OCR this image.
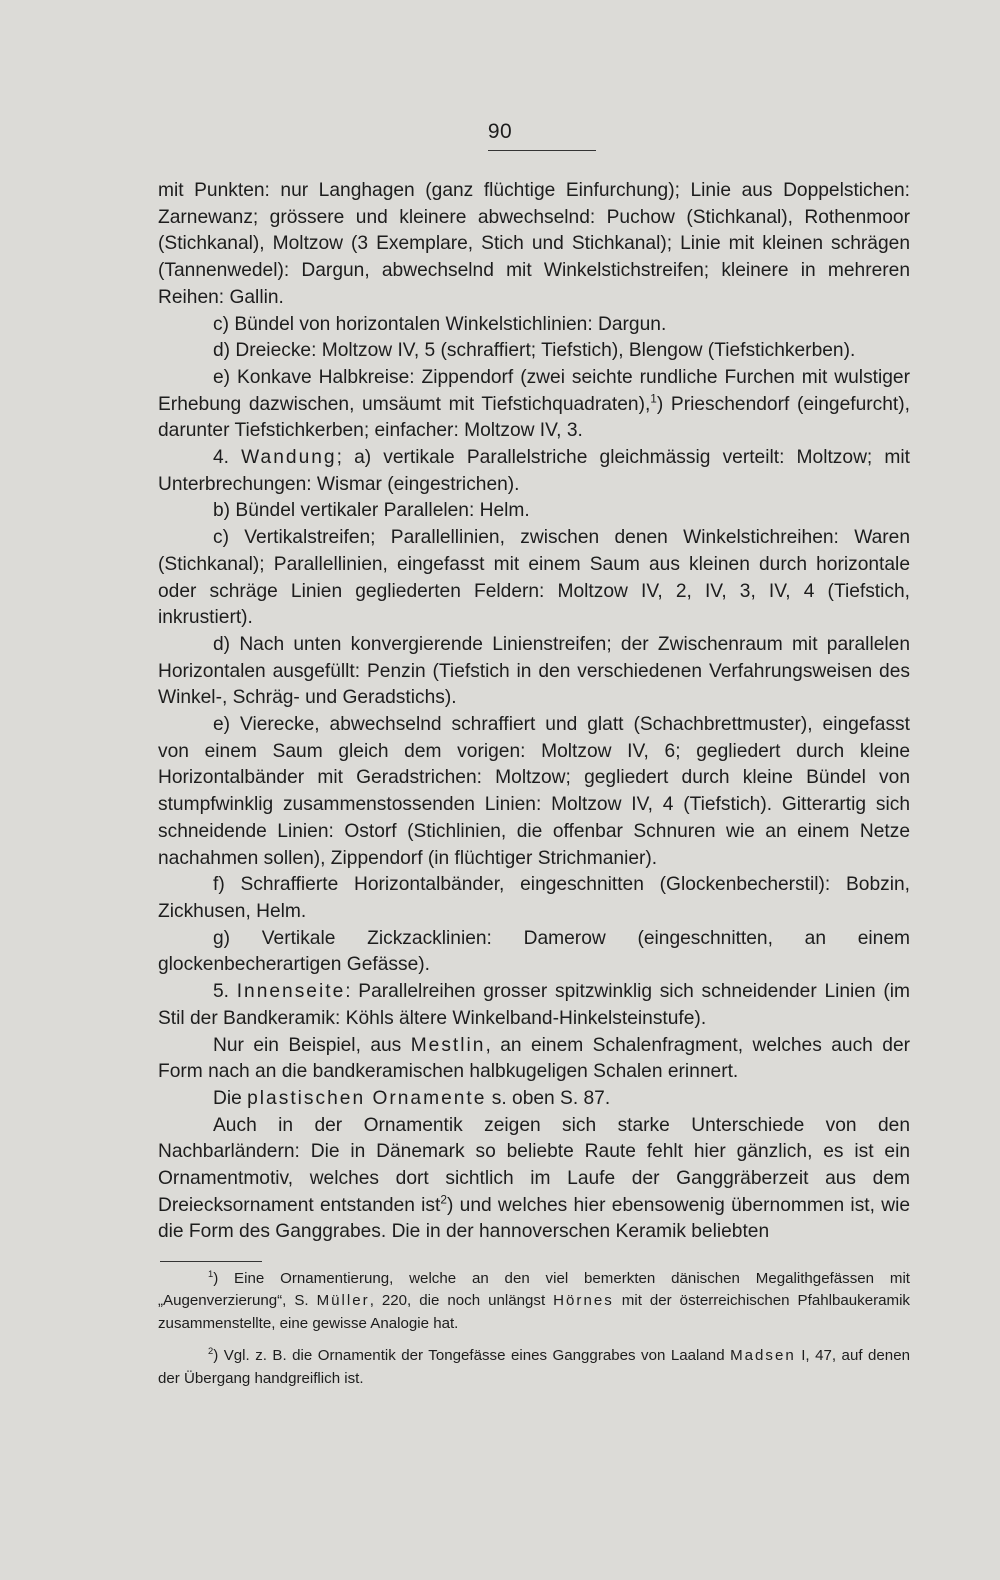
90

mit Punkten: nur Langhagen (ganz flüchtige Einfurchung); Linie aus Doppelstichen: Zarnewanz; grössere und kleinere abwechselnd: Puchow (Stichkanal), Rothenmoor (Stichkanal), Moltzow (3 Exemplare, Stich und Stichkanal); Linie mit kleinen schrägen (Tannenwedel): Dargun, abwechselnd mit Winkelstichstreifen; kleinere in mehreren Reihen: Gallin.

c) Bündel von horizontalen Winkelstichlinien: Dargun.

d) Dreiecke: Moltzow IV, 5 (schraffiert; Tiefstich), Blengow (Tiefstichkerben).

e) Konkave Halbkreise: Zippendorf (zwei seichte rundliche Furchen mit wulstiger Erhebung dazwischen, umsäumt mit Tiefstichquadraten),$^1$) Prieschendorf (eingefurcht), darunter Tiefstichkerben; einfacher: Moltzow IV, 3.

4. Wandung; a) vertikale Parallelstriche gleichmässig verteilt: Moltzow; mit Unterbrechungen: Wismar (eingestrichen).

b) Bündel vertikaler Parallelen: Helm.

c) Vertikalstreifen; Parallellinien, zwischen denen Winkelstichreihen: Waren (Stichkanal); Parallellinien, eingefasst mit einem Saum aus kleinen durch horizontale oder schräge Linien gegliederten Feldern: Moltzow IV, 2, IV, 3, IV, 4 (Tiefstich, inkrustiert).

d) Nach unten konvergierende Linienstreifen; der Zwischenraum mit parallelen Horizontalen ausgefüllt: Penzin (Tiefstich in den verschiedenen Verfahrungsweisen des Winkel-, Schräg- und Geradstichs).

e) Vierecke, abwechselnd schraffiert und glatt (Schachbrettmuster), eingefasst von einem Saum gleich dem vorigen: Moltzow IV, 6; gegliedert durch kleine Horizontalbänder mit Geradstrichen: Moltzow; gegliedert durch kleine Bündel von stumpfwinklig zusammenstossenden Linien: Moltzow IV, 4 (Tiefstich). Gitterartig sich schneidende Linien: Ostorf (Stichlinien, die offenbar Schnuren wie an einem Netze nachahmen sollen), Zippendorf (in flüchtiger Strichmanier).

f) Schraffierte Horizontalbänder, eingeschnitten (Glockenbecherstil): Bobzin, Zickhusen, Helm.

g) Vertikale Zickzacklinien: Damerow (eingeschnitten, an einem glockenbecherartigen Gefässe).

5. Innenseite: Parallelreihen grosser spitzwinklig sich schneidender Linien (im Stil der Bandkeramik: Köhls ältere Winkelband-Hinkelsteinstufe).

Nur ein Beispiel, aus Mestlin, an einem Schalenfragment, welches auch der Form nach an die bandkeramischen halbkugeligen Schalen erinnert.

Die plastischen Ornamente s. oben S. 87.

Auch in der Ornamentik zeigen sich starke Unterschiede von den Nachbarländern: Die in Dänemark so beliebte Raute fehlt hier gänzlich, es ist ein Ornamentmotiv, welches dort sichtlich im Laufe der Ganggräberzeit aus dem Dreiecksornament entstanden ist$^2$) und welches hier ebensowenig übernommen ist, wie die Form des Ganggrabes. Die in der hannoverschen Keramik beliebten

$^1$) Eine Ornamentierung, welche an den viel bemerkten dänischen Megalithgefässen mit „Augenverzierung“, S. Müller, 220, die noch unlängst Hörnes mit der österreichischen Pfahlbaukeramik zusammenstellte, eine gewisse Analogie hat.

$^2$) Vgl. z. B. die Ornamentik der Tongefässe eines Ganggrabes von Laaland Madsen I, 47, auf denen der Übergang handgreiflich ist.
